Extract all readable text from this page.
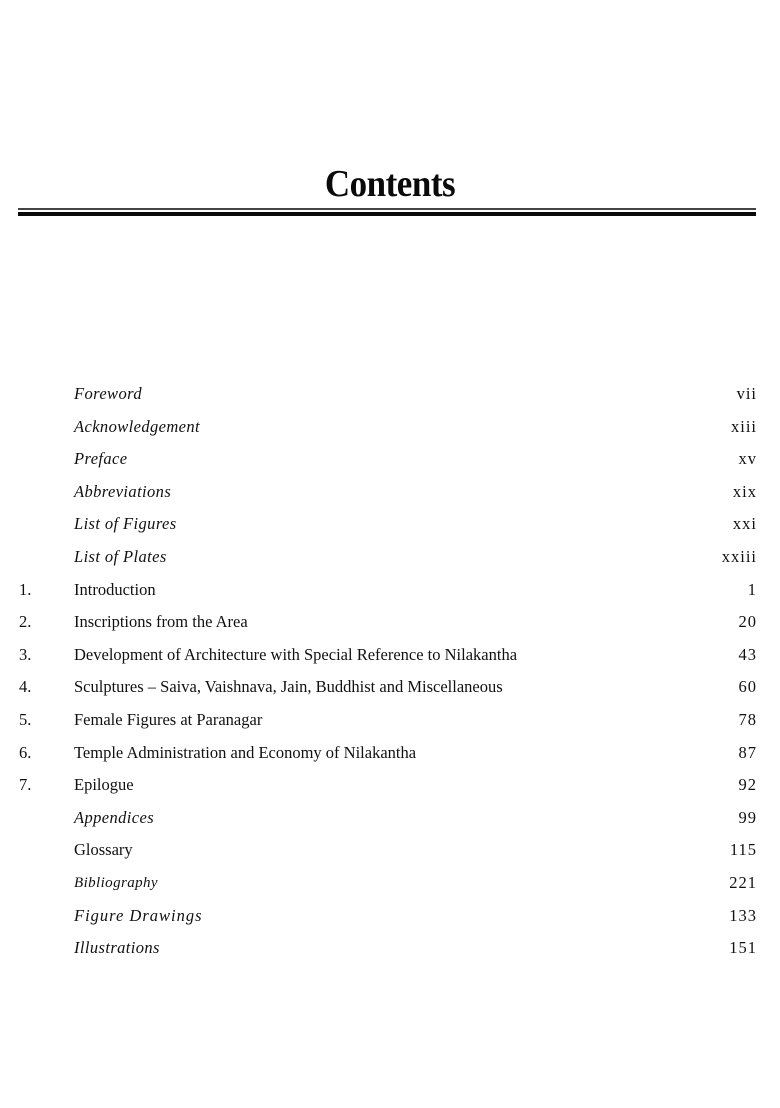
Contents
Foreword	vii
Acknowledgement	xiii
Preface	xv
Abbreviations	xix
List of Figures	xxi
List of Plates	xxiii
1.	Introduction	1
2.	Inscriptions from the Area	20
3.	Development of Architecture with Special Reference to Nilakantha	43
4.	Sculptures – Saiva, Vaishnava, Jain, Buddhist and Miscellaneous	60
5.	Female Figures at Paranagar	78
6.	Temple Administration and Economy of Nilakantha	87
7.	Epilogue	92
Appendices	99
Glossary	115
Bibliography	221
Figure Drawings	133
Illustrations	151
